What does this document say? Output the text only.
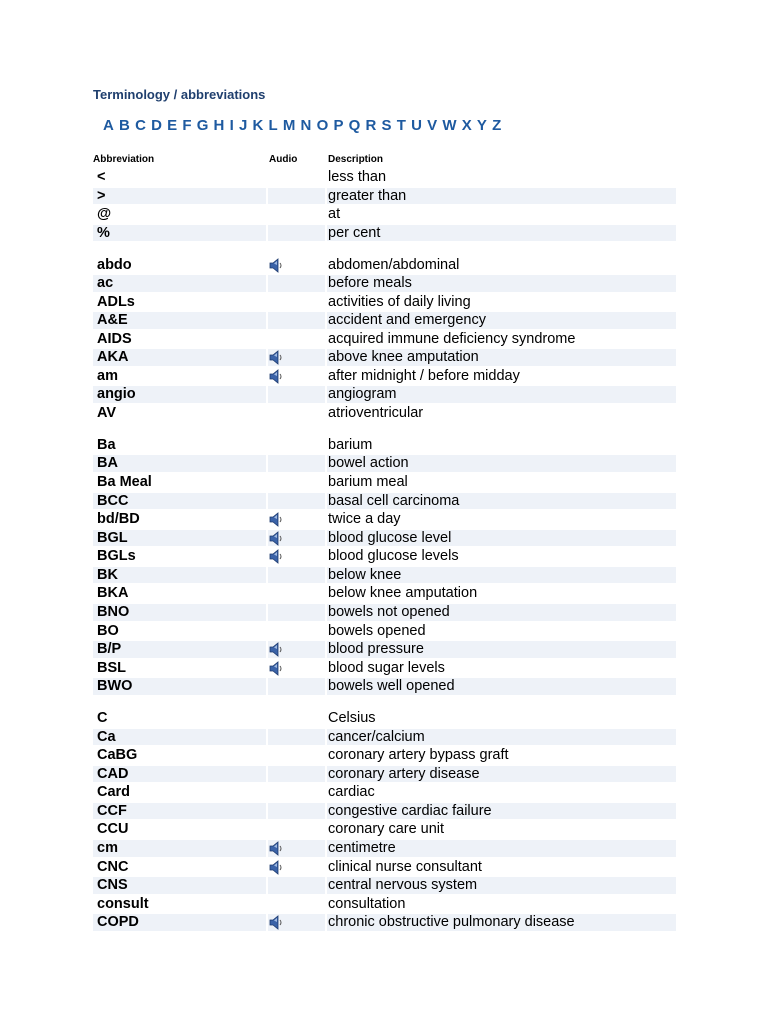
Terminology / abbreviations
A B C D E F G H I J K L M N O P Q R S T U V W X Y Z
Abbreviation	Audio	Description
<	less than
>	greater than
@	at
%	per cent
abdo	abdomen/abdominal
ac	before meals
ADLs	activities of daily living
A&E	accident and emergency
AIDS	acquired immune deficiency syndrome
AKA	above knee amputation
am	after midnight / before midday
angio	angiogram
AV	atrioventricular
Ba	barium
BA	bowel action
Ba Meal	barium meal
BCC	basal cell carcinoma
bd/BD	twice a day
BGL	blood glucose level
BGLs	blood glucose levels
BK	below knee
BKA	below knee amputation
BNO	bowels not opened
BO	bowels opened
B/P	blood pressure
BSL	blood sugar levels
BWO	bowels well opened
C	Celsius
Ca	cancer/calcium
CaBG	coronary artery bypass graft
CAD	coronary artery disease
Card	cardiac
CCF	congestive cardiac failure
CCU	coronary care unit
cm	centimetre
CNC	clinical nurse consultant
CNS	central nervous system
consult	consultation
COPD	chronic obstructive pulmonary disease
